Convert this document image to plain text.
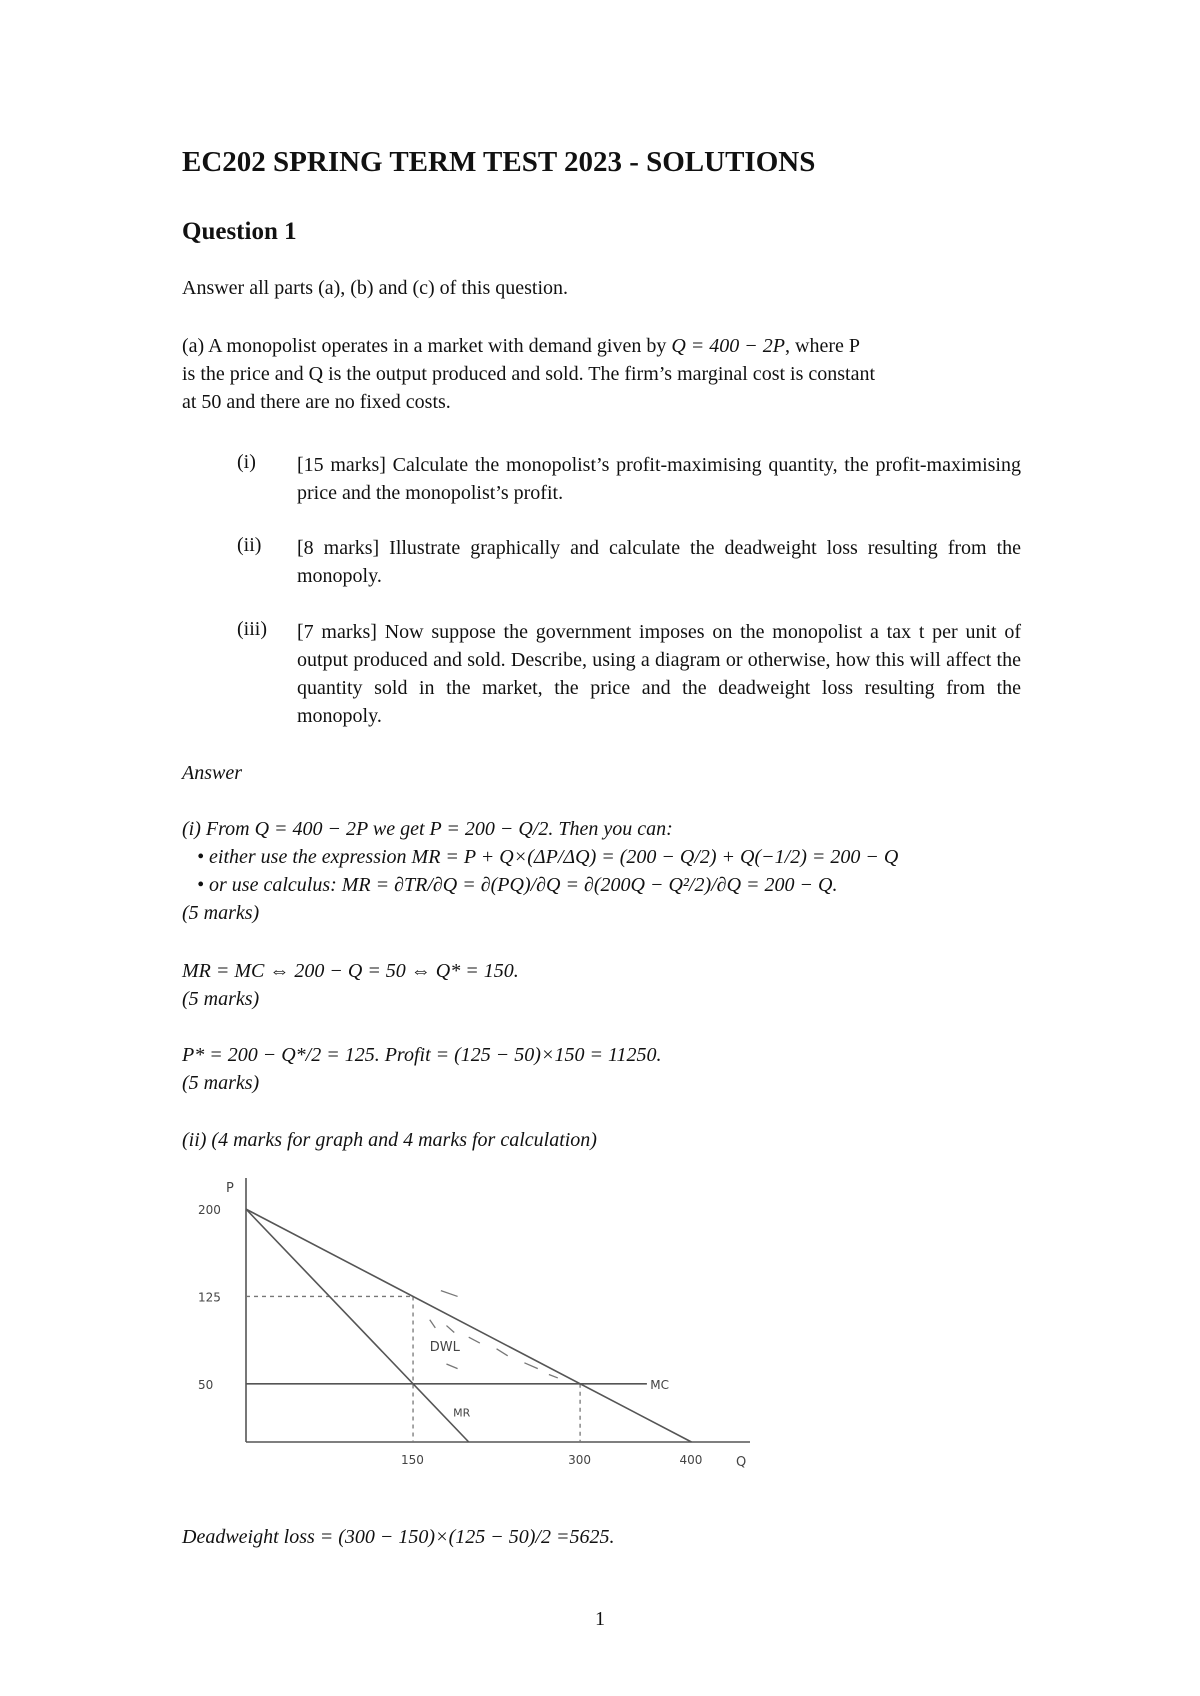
EC202 SPRING TERM TEST 2023 - SOLUTIONS
Question 1
Answer all parts (a), (b) and (c) of this question.
(a) A monopolist operates in a market with demand given by Q = 400 − 2P, where P
is the price and Q is the output produced and sold. The firm’s marginal cost is constant
at 50 and there are no fixed costs.
(i) [15 marks] Calculate the monopolist’s profit-maximising quantity, the profit-maximising price and the monopolist’s profit.
(ii) [8 marks] Illustrate graphically and calculate the deadweight loss resulting from the monopoly.
(iii) [7 marks] Now suppose the government imposes on the monopolist a tax t per unit of output produced and sold. Describe, using a diagram or otherwise, how this will affect the quantity sold in the market, the price and the deadweight loss resulting from the monopoly.
Answer
(i) From Q = 400 − 2P we get P = 200 − Q/2. Then you can:
• either use the expression MR = P + Q×(ΔP/ΔQ) = (200 − Q/2) + Q(−1/2) = 200 − Q
• or use calculus: MR = ∂TR/∂Q = ∂(PQ)/∂Q = ∂(200Q − Q²/2)/∂Q = 200 − Q.
(5 marks)
MR = MC ⇔ 200 − Q = 50 ⇔ Q* = 150.
(5 marks)
P* = 200 − Q*/2 = 125. Profit = (125 − 50)×150 = 11250.
(5 marks)
(ii) (4 marks for graph and 4 marks for calculation)
P
Q
200
125
50
150	300	400
DWL
MC
MR
Deadweight loss = (300 − 150)×(125 − 50)/2 =5625.
1
